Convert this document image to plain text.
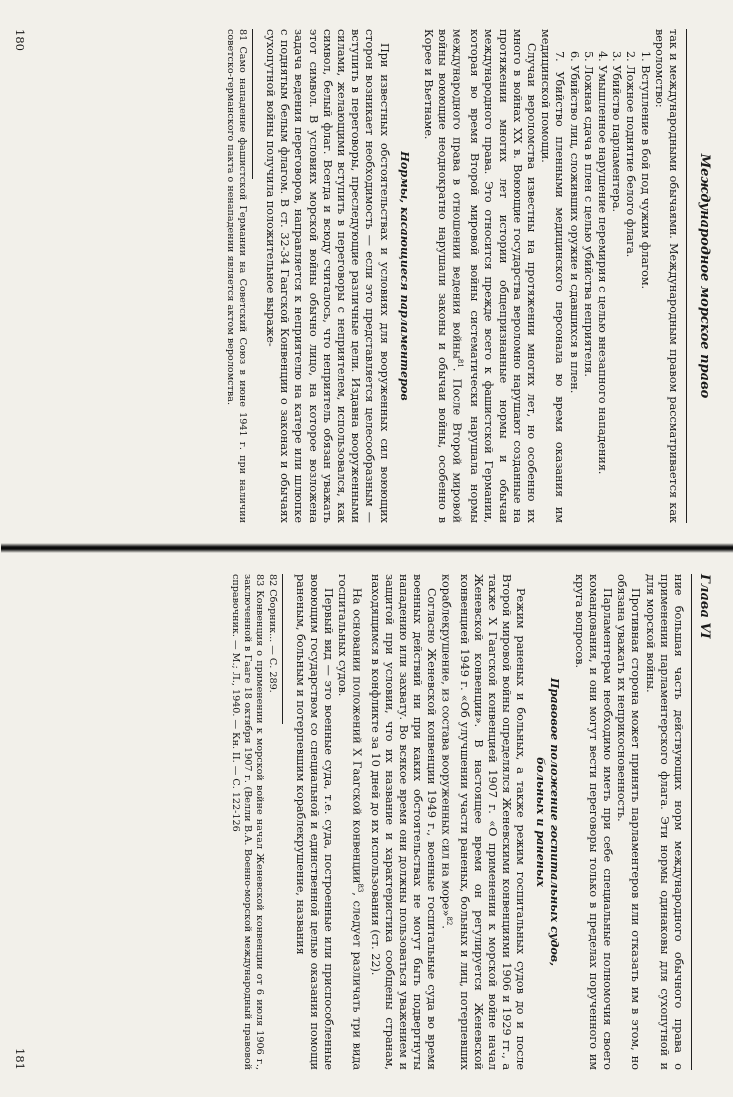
Международное морское право

так и международными обычаями. Международным правом рассматривается как вероломство:

1. Вступление в бой под чужим флагом.

2. Ложное поднятие белого флага.

3. Убийство парламентера.

4. Умышленное нарушение перемирия с целью внезапного нападения.

5. Ложная сдача в плен с целью убийства неприятеля.

6. Убийство лиц, сложивших оружие и сдавшихся в плен.

7. Убийство пленными медицинского персонала во время оказания им медицинской помощи.

Случаи вероломства известны на протяжении многих лет, но особенно их много в войнах XX в. Воюющие государства вероломно нарушают созданные на протяжении многих лет истории общепризнанные нормы и обычаи международного права. Это относится прежде всего к фашистской Германии, которая во время Второй мировой войны систематически нарушала нормы международного права в отношении ведения войны$^{81}$. После Второй мировой войны воюющие неоднократно нарушали законы и обычаи войны, особенно в Корее и Вьетнаме.

Нормы, касающиеся парламентеров

При известных обстоятельствах и условиях для вооруженных сил воюющих сторон возникает необходимость — если это представляется целесообразным — вступить в переговоры, преследующие различные цели. Издавна вооруженными силами, желающими вступить в переговоры с неприятелем, использовался, как символ, белый флаг. Всегда и всюду считалось, что неприятель обязан уважать этот символ. В условиях морской войны обычно лицо, на которое возложена задача ведения переговоров, направляется к неприятелю на катере или шлюпке с поднятым белым флагом. В ст. 32-34 Гаагской Конвенции о законах и обычаях сухопутной войны получила положительное выраже-

81 Само нападение фашистской Германии на Советский Союз в июне 1941 г. при наличии советско-германского пакта о ненападении является актом вероломства.

180
Глава VI

ние большая часть действующих норм международного обычного права о применении парламентерского флага. Эти нормы одинаковы для сухопутной и для морской войны.

Противная сторона может принять парламентеров или отказать им в этом, но обязана уважать их неприкосновенность.

Парламентерам необходимо иметь при себе специальные полномочия своего командования, и они могут вести переговоры только в пределах порученного им круга вопросов.

Правовое положение госпитальных судов,
больных и раненых

Режим раненых и больных, а также режим госпитальных судов до и после Второй мировой войны определялся Женевскими конвенциями 1906 и 1929 гг., а также X Гаагской конвенцией 1907 г. «О применении к морской войне начал Женевской конвенции». В настоящее время он регулируется Женевской конвенцией 1949 г. «Об улучшении участи раненых, больных и лиц, потерпевших кораблекрушение, из состава вооруженных сил на море»$^{82}$.

Согласно Женевской конвенции 1949 г., военные госпитальные суда во время военных действий ни при каких обстоятельствах не могут быть подвергнуты нападению или захвату. Во всякое время они должны пользоваться уважением и защитой при условии, что их название и характеристика сообщены странам, находящимся в конфликте за 10 дней до их использования (ст. 22).

На основании положений X Гаагской конвенции$^{83}$, следует различать три вида госпитальных судов.

Первый вид — это военные суда, т.е. суда, построенные или приспособленные воюющим государством со специальной и единственной целью оказания помощи раненым, больным и потерпевшим кораблекрушение, названия

82 Сборник... — С. 289.

83 Конвенция о применении к морской войне начал Женевской конвенции от 6 июля 1906 г., заключенной в Гааге 18 октября 1907 г. (Велли В.А. Военно-морской международный правовой справочник. — М.; Л., 1940. — Кн. II. — С. 122-126

181
